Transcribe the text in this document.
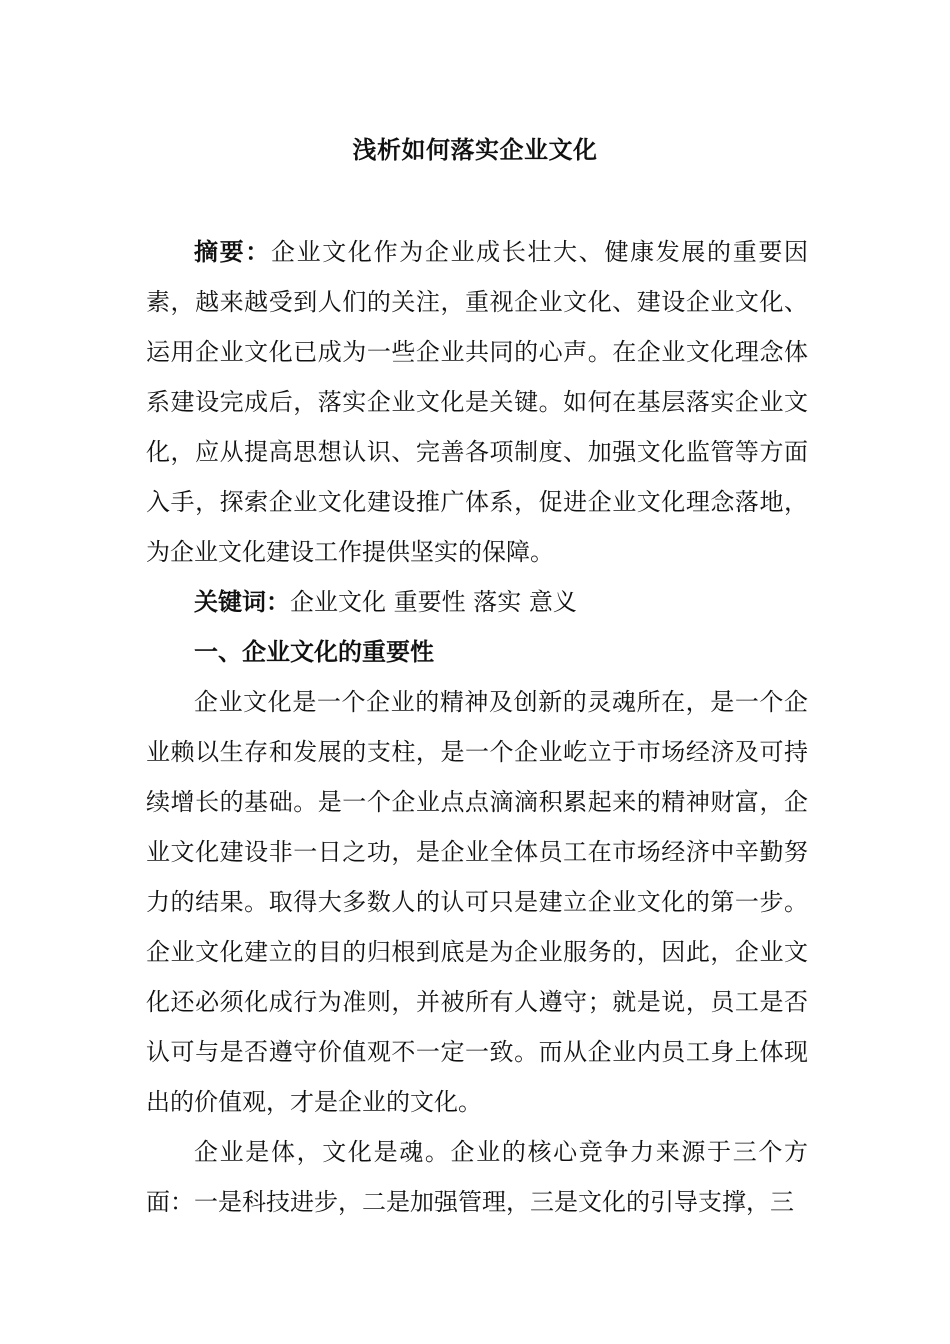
浅析如何落实企业文化

摘要：企业文化作为企业成长壮大、健康发展的重要因素，越来越受到人们的关注，重视企业文化、建设企业文化、运用企业文化已成为一些企业共同的心声。在企业文化理念体系建设完成后，落实企业文化是关键。如何在基层落实企业文化，应从提高思想认识、完善各项制度、加强文化监管等方面入手，探索企业文化建设推广体系，促进企业文化理念落地，为企业文化建设工作提供坚实的保障。

关键词：企业文化 重要性 落实 意义

一、企业文化的重要性

企业文化是一个企业的精神及创新的灵魂所在，是一个企业赖以生存和发展的支柱，是一个企业屹立于市场经济及可持续增长的基础。是一个企业点点滴滴积累起来的精神财富，企业文化建设非一日之功，是企业全体员工在市场经济中辛勤努力的结果。取得大多数人的认可只是建立企业文化的第一步。企业文化建立的目的归根到底是为企业服务的，因此，企业文化还必须化成行为准则，并被所有人遵守；就是说，员工是否认可与是否遵守价值观不一定一致。而从企业内员工身上体现出的价值观，才是企业的文化。

企业是体，文化是魂。企业的核心竞争力来源于三个方面：一是科技进步，二是加强管理，三是文化的引导支撑，三
